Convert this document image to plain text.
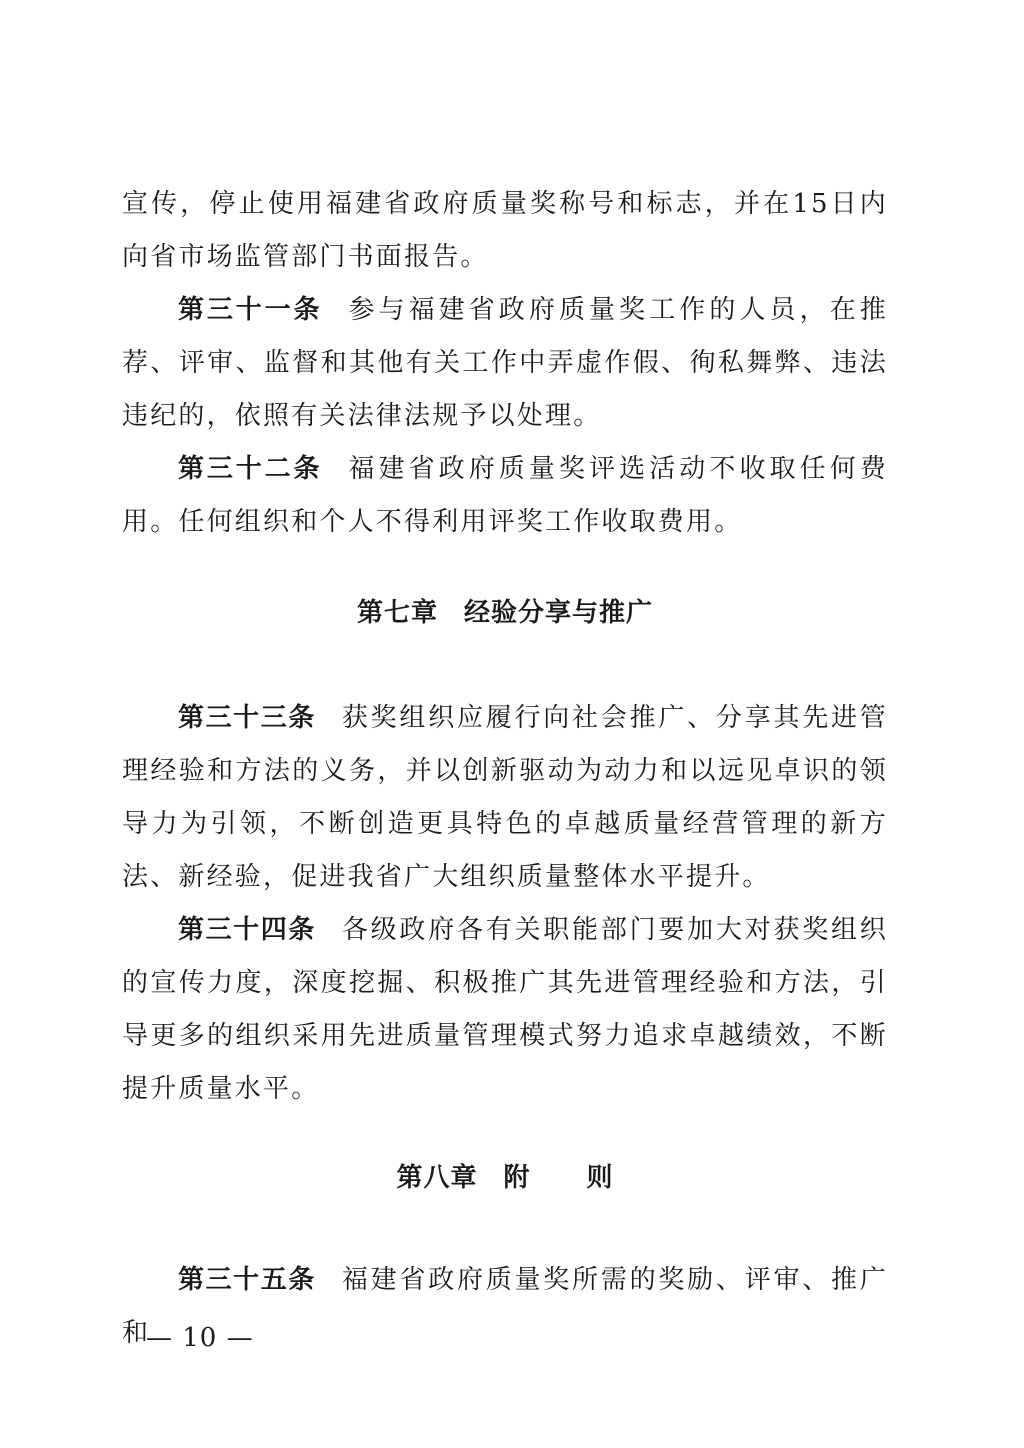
宣传，停止使用福建省政府质量奖称号和标志，并在15日内向省市场监管部门书面报告。

第三十一条 参与福建省政府质量奖工作的人员，在推荐、评审、监督和其他有关工作中弄虚作假、徇私舞弊、违法违纪的，依照有关法律法规予以处理。

第三十二条 福建省政府质量奖评选活动不收取任何费用。任何组织和个人不得利用评奖工作收取费用。

第七章 经验分享与推广

第三十三条 获奖组织应履行向社会推广、分享其先进管理经验和方法的义务，并以创新驱动为动力和以远见卓识的领导力为引领，不断创造更具特色的卓越质量经营管理的新方法、新经验，促进我省广大组织质量整体水平提升。

第三十四条 各级政府各有关职能部门要加大对获奖组织的宣传力度，深度挖掘、积极推广其先进管理经验和方法，引导更多的组织采用先进质量管理模式努力追求卓越绩效，不断提升质量水平。

第八章 附 则

第三十五条 福建省政府质量奖所需的奖励、评审、推广和

— 10 —
